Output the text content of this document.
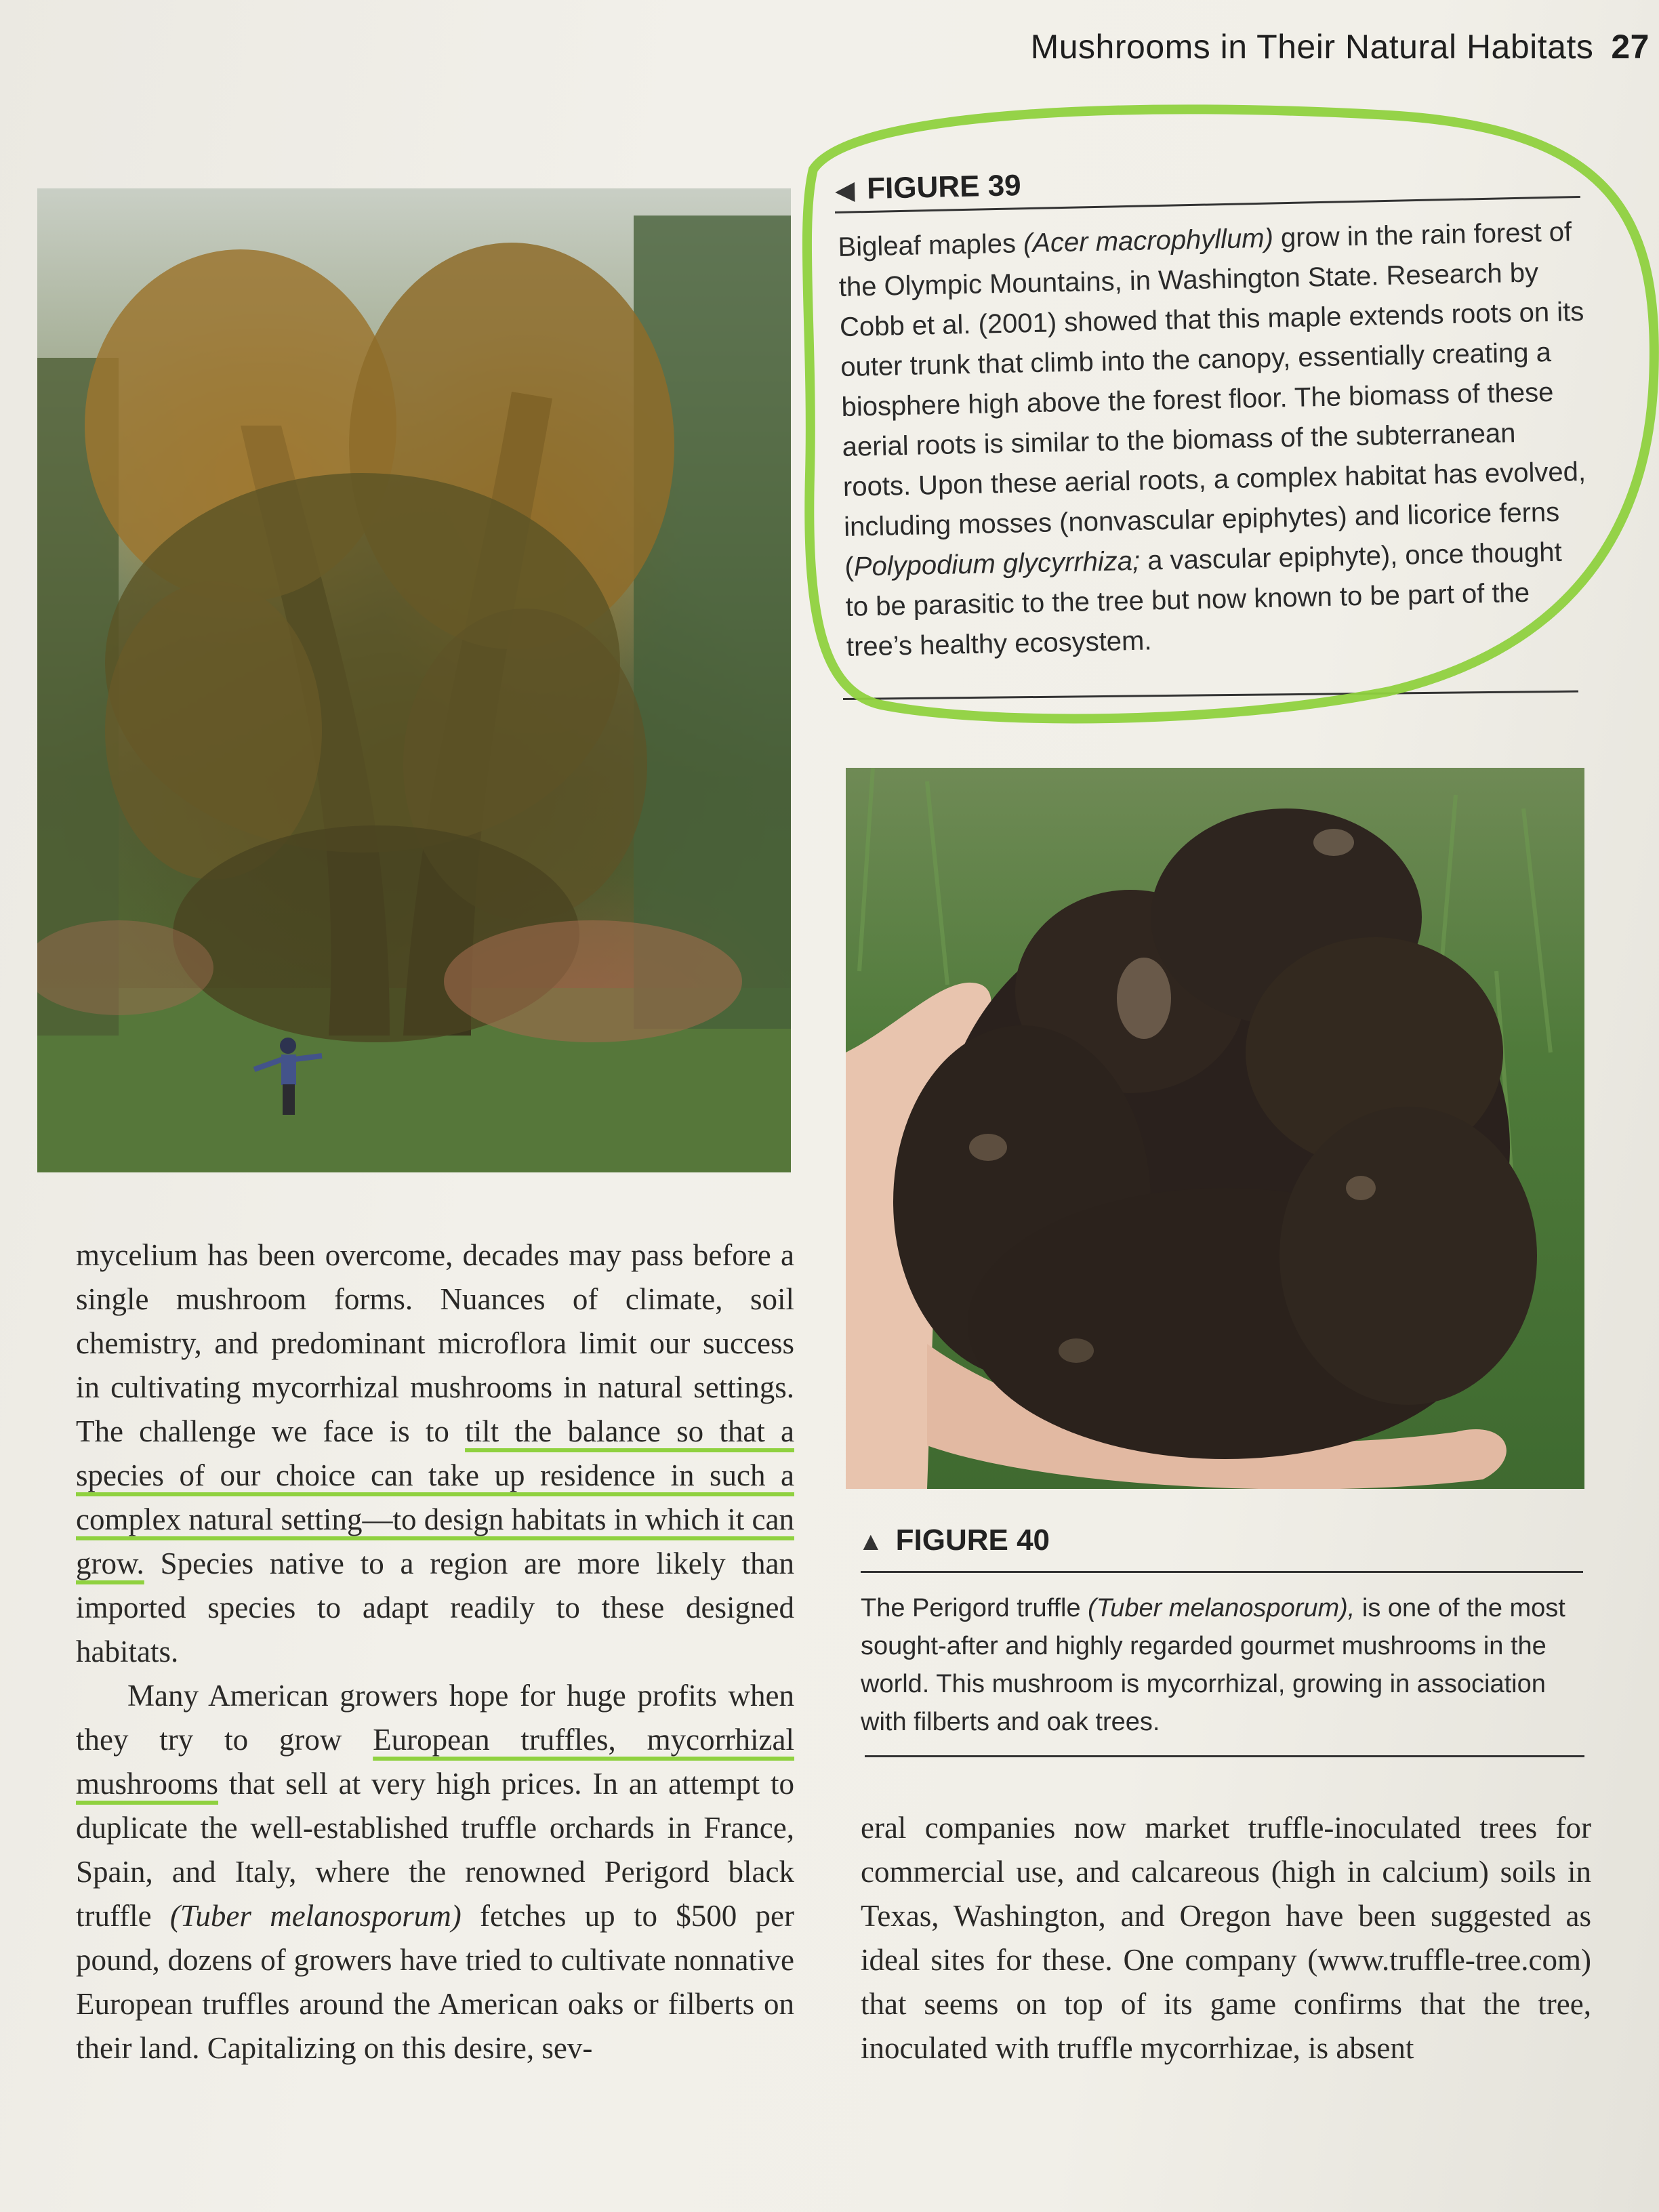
Mushrooms in Their Natural Habitats 27
◀ FIGURE 39
Bigleaf maples (Acer macrophyllum) grow in the rain forest of the Olympic Mountains, in Washington State. Research by Cobb et al. (2001) showed that this maple extends roots on its outer trunk that climb into the canopy, essentially creating a biosphere high above the forest floor. The biomass of these aerial roots is similar to the biomass of the subterranean roots. Upon these aerial roots, a complex habitat has evolved, including mosses (nonvascular epiphytes) and licorice ferns (Polypodium glycyrrhiza; a vascular epiphyte), once thought to be parasitic to the tree but now known to be part of the tree’s healthy ecosystem.
▲ FIGURE 40
The Perigord truffle (Tuber melanosporum), is one of the most sought-after and highly regarded gourmet mushrooms in the world. This mushroom is mycorrhizal, growing in association with filberts and oak trees.

mycelium has been overcome, decades may pass before a single mushroom forms. Nuances of climate, soil chemistry, and predominant microflora limit our success in cultivating mycorrhizal mushrooms in natural settings. The challenge we face is to tilt the balance so that a species of our choice can take up residence in such a complex natural setting—to design habitats in which it can grow. Species native to a region are more likely than imported species to adapt readily to these designed habitats.

Many American growers hope for huge profits when they try to grow European truffles, mycorrhizal mushrooms that sell at very high prices. In an attempt to duplicate the well-established truffle orchards in France, Spain, and Italy, where the renowned Perigord black truffle (Tuber melanosporum) fetches up to $500 per pound, dozens of growers have tried to cultivate nonnative European truffles around the American oaks or filberts on their land. Capitalizing on this desire, sev-

eral companies now market truffle-inoculated trees for commercial use, and calcareous (high in calcium) soils in Texas, Washington, and Oregon have been suggested as ideal sites for these. One company (www.truffle-tree.com) that seems on top of its game confirms that the tree, inoculated with truffle mycorrhizae, is absent
